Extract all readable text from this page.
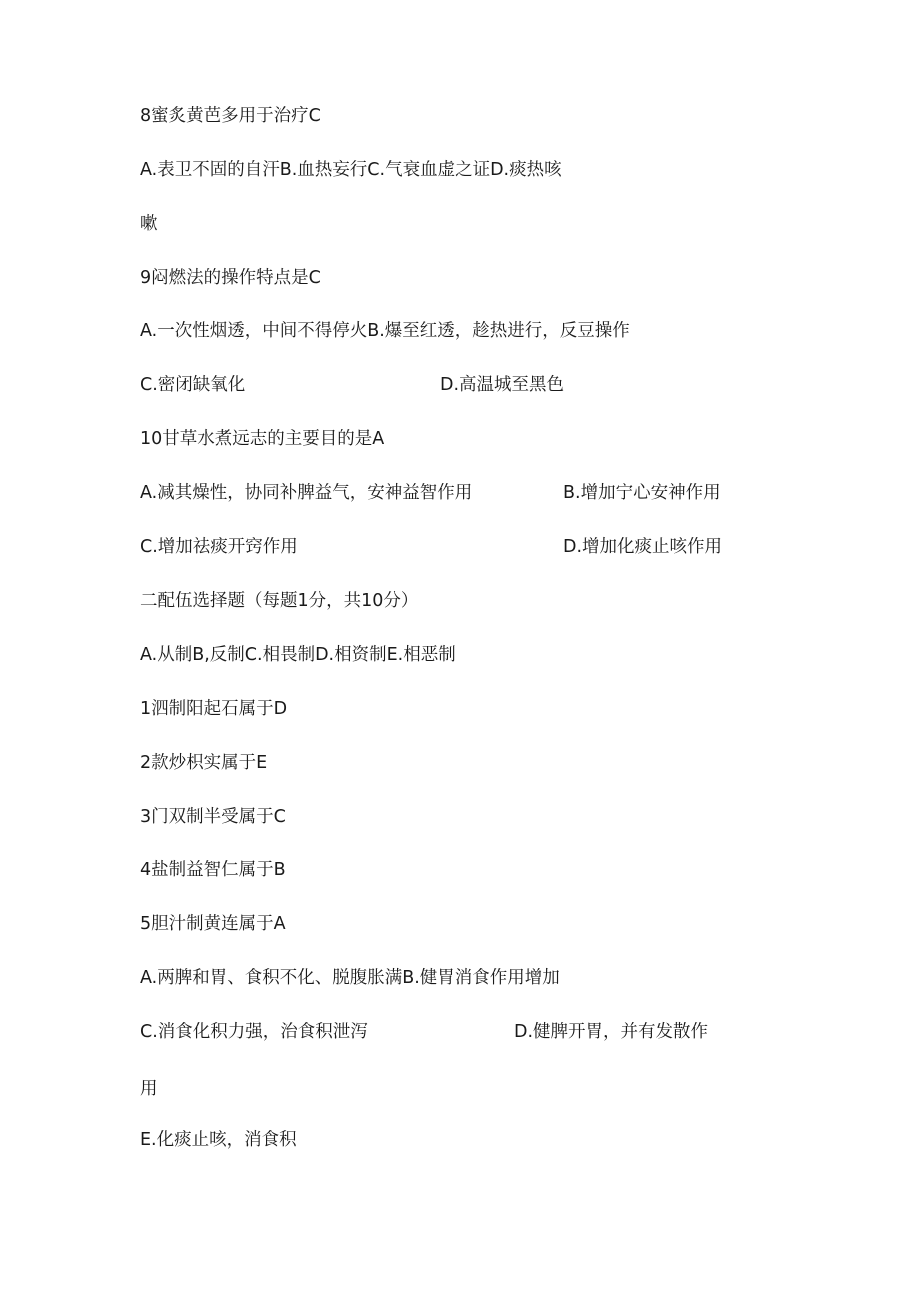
8蜜炙黄芭多用于治疗C
A.表卫不固的自汗B.血热妄行C.气衰血虚之证D.痰热咳
嗽
9闷燃法的操作特点是C
A.一次性烟透，中间不得停火B.爆至红透，趁热进行，反豆操作
C.密闭缺氧化	D.高温城至黑色
10甘草水煮远志的主要目的是A
A.减其燥性，协同补脾益气，安神益智作用	B.增加宁心安神作用
C.增加祛痰开窍作用	D.增加化痰止咳作用
二配伍选择题（每题1分，共10分）
A.从制B,反制C.相畏制D.相资制E.相恶制
1泗制阳起石属于D
2款炒枳实属于E
3门双制半受属于C
4盐制益智仁属于B
5胆汁制黄连属于A
A.两脾和胃、食积不化、脱腹胀满B.健胃消食作用增加
C.消食化积力强，治食积泄泻	D.健脾开胃，并有发散作
用
E.化痰止咳，消食积
